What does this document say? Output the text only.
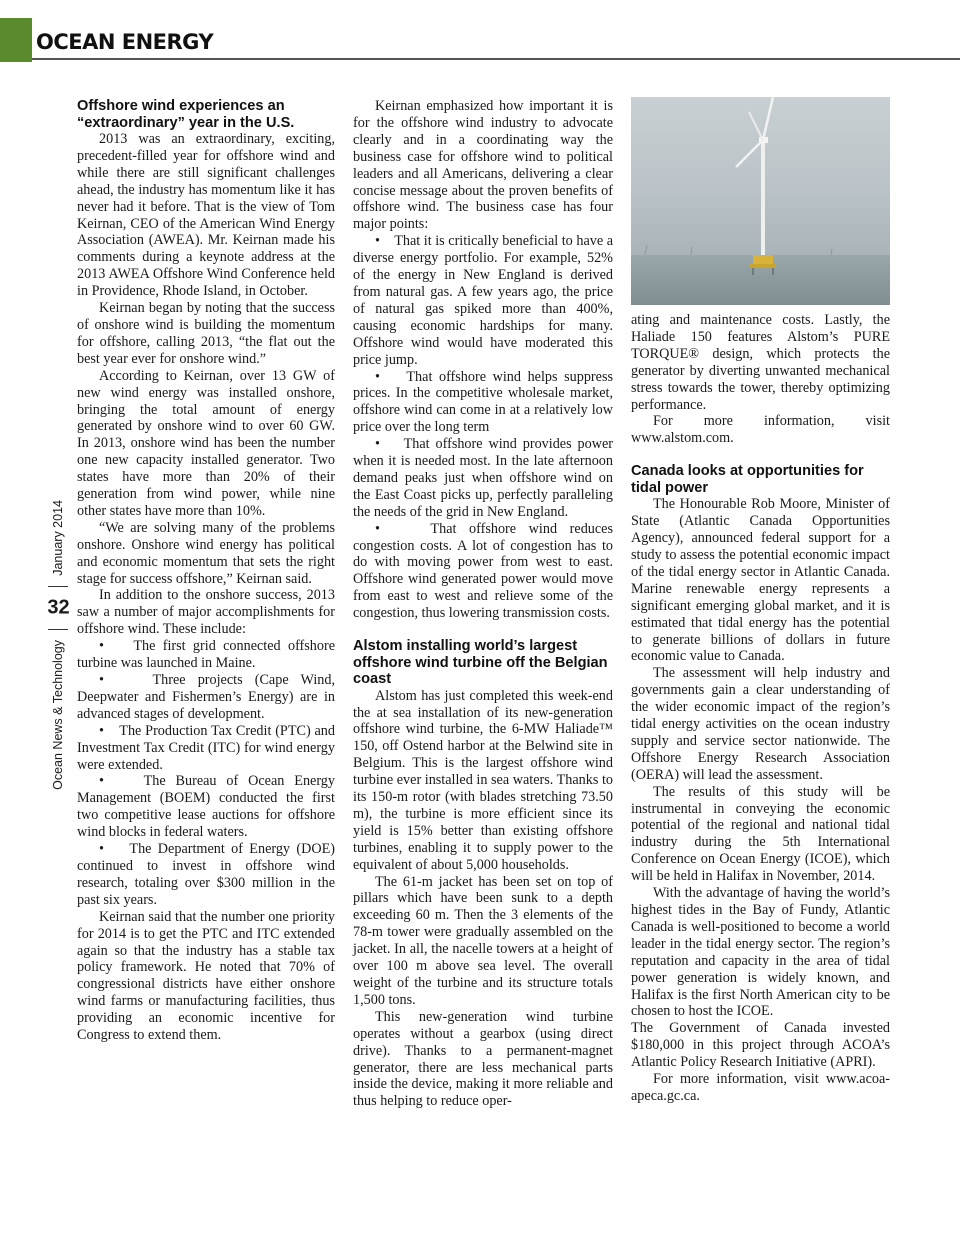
OCEAN ENERGY
Ocean News & Technology
32
January 2014
Offshore wind experiences an “extraordinary” year in the U.S.

2013 was an extraordinary, exciting, precedent-filled year for offshore wind and while there are still significant challenges ahead, the industry has momentum like it has never had it before. That is the view of Tom Keirnan, CEO of the American Wind Energy Association (AWEA). Mr. Keirnan made his comments during a keynote address at the 2013 AWEA Offshore Wind Conference held in Providence, Rhode Island, in October.

Keirnan began by noting that the success of onshore wind is building the momentum for offshore, calling 2013, “the flat out the best year ever for onshore wind.”

According to Keirnan, over 13 GW of new wind energy was installed onshore, bringing the total amount of energy generated by onshore wind to over 60 GW. In 2013, onshore wind has been the number one new capacity installed generator. Two states have more than 20% of their generation from wind power, while nine other states have more than 10%.

“We are solving many of the problems onshore. Onshore wind energy has political and economic momentum that sets the right stage for success offshore,” Keirnan said.

In addition to the onshore success, 2013 saw a number of major accomplishments for offshore wind. These include:

•    The first grid connected offshore turbine was launched in Maine.

•    Three projects (Cape Wind, Deepwater and Fishermen’s Energy) are in advanced stages of development.

•    The Production Tax Credit (PTC) and Investment Tax Credit (ITC) for wind energy were extended.

•    The Bureau of Ocean Energy Management (BOEM) conducted the first two competitive lease auctions for offshore wind blocks in federal waters.

•    The Department of Energy (DOE) continued to invest in offshore wind research, totaling over $300 million in the past six years.

Keirnan said that the number one priority for 2014 is to get the PTC and ITC extended again so that the industry has a stable tax policy framework. He noted that 70% of congressional districts have either onshore wind farms or manufacturing facilities, thus providing an economic incentive for Congress to extend them.

Keirnan emphasized how important it is for the offshore wind industry to advocate clearly and in a coordinating way the business case for offshore wind to political leaders and all Americans, delivering a clear concise message about the proven benefits of offshore wind. The business case has four major points:

•    That it is critically beneficial to have a diverse energy portfolio. For example, 52% of the energy in New England is derived from natural gas. A few years ago, the price of natural gas spiked more than 400%, causing economic hardships for many. Offshore wind would have moderated this price jump.

•    That offshore wind helps suppress prices. In the competitive wholesale market, offshore wind can come in at a relatively low price over the long term

•    That offshore wind provides power when it is needed most. In the late afternoon demand peaks just when offshore wind on the East Coast picks up, perfectly paralleling the needs of the grid in New England.

•    That offshore wind reduces congestion costs. A lot of congestion has to do with moving power from west to east. Offshore wind generated power would move from east to west and relieve some of the congestion, thus lowering transmission costs.

Alstom installing world’s largest offshore wind turbine off the Belgian coast

Alstom has just completed this week-end the at sea installation of its new-generation offshore wind turbine, the 6-MW Haliade™ 150, off Ostend harbor at the Belwind site in Belgium. This is the largest offshore wind turbine ever installed in sea waters. Thanks to its 150-m rotor (with blades stretching 73.50 m), the turbine is more efficient since its yield is 15% better than existing offshore turbines, enabling it to supply power to the equivalent of about 5,000 households.

The 61-m jacket has been set on top of pillars which have been sunk to a depth exceeding 60 m. Then the 3 elements of the 78-m tower were gradually assembled on the jacket. In all, the nacelle towers at a height of over 100 m above sea level. The overall weight of the turbine and its structure totals 1,500 tons.

This new-generation wind turbine operates without a gearbox (using direct drive). Thanks to a permanent-magnet generator, there are less mechanical parts inside the device, making it more reliable and thus helping to reduce oper-

ating and maintenance costs. Lastly, the Haliade 150 features Alstom’s PURE TORQUE® design, which protects the generator by diverting unwanted mechanical stress towards the tower, thereby optimizing performance.

For more information, visit www.alstom.com.

Canada looks at opportunities for tidal power

The Honourable Rob Moore, Minister of State (Atlantic Canada Opportunities Agency), announced federal support for a study to assess the potential economic impact of the tidal energy sector in Atlantic Canada. Marine renewable energy represents a significant emerging global market, and it is estimated that tidal energy has the potential to generate billions of dollars in future economic value to Canada.

The assessment will help industry and governments gain a clear understanding of the wider economic impact of the region’s tidal energy activities on the ocean industry supply and service sector nationwide. The Offshore Energy Research Association (OERA) will lead the assessment.

The results of this study will be instrumental in conveying the economic potential of the regional and national tidal industry during the 5th International Conference on Ocean Energy (ICOE), which will be held in Halifax in November, 2014.

With the advantage of having the world’s highest tides in the Bay of Fundy, Atlantic Canada is well-positioned to become a world leader in the tidal energy sector. The region’s reputation and capacity in the area of tidal power generation is widely known, and Halifax is the first North American city to be chosen to host the ICOE.

The Government of Canada invested $180,000 in this project through ACOA’s Atlantic Policy Research Initiative (APRI).

For more information, visit www.acoa-apeca.gc.ca.
